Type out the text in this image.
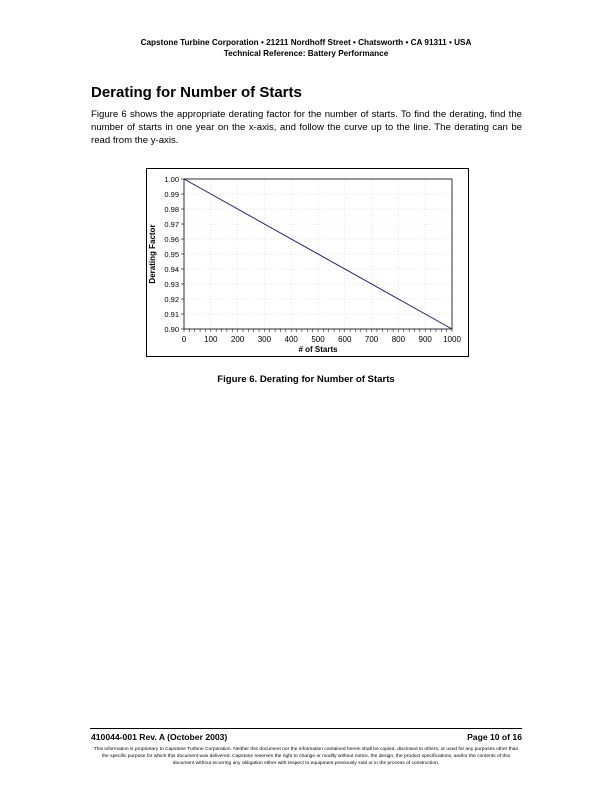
Capstone Turbine Corporation • 21211 Nordhoff Street • Chatsworth • CA 91311 • USA
Technical Reference: Battery Performance
Derating for Number of Starts

Figure 6 shows the appropriate derating factor for the number of starts. To find the derating, find the number of starts in one year on the x-axis, and follow the curve up to the line. The derating can be read from the y-axis.

0 100 200 300 400 500 600 700 800 900 1000
0.90
0.91
0.92
0.93
0.94
0.95
0.96
0.97
0.98
0.99
1.00
# of Starts
Derating Factor
Figure 6. Derating for Number of Starts
410044-001 Rev. A (October 2003)	Page 10 of 16
This information is proprietary to Capstone Turbine Corporation. Neither this document nor the information contained herein shall be copied, disclosed to others, or used for any purposes other than the specific purpose for which this document was delivered. Capstone reserves the right to change or modify without notice, the design, the product specifications, and/or the contents of this document without incurring any obligation either with respect to equipment previously sold or in the process of construction.
